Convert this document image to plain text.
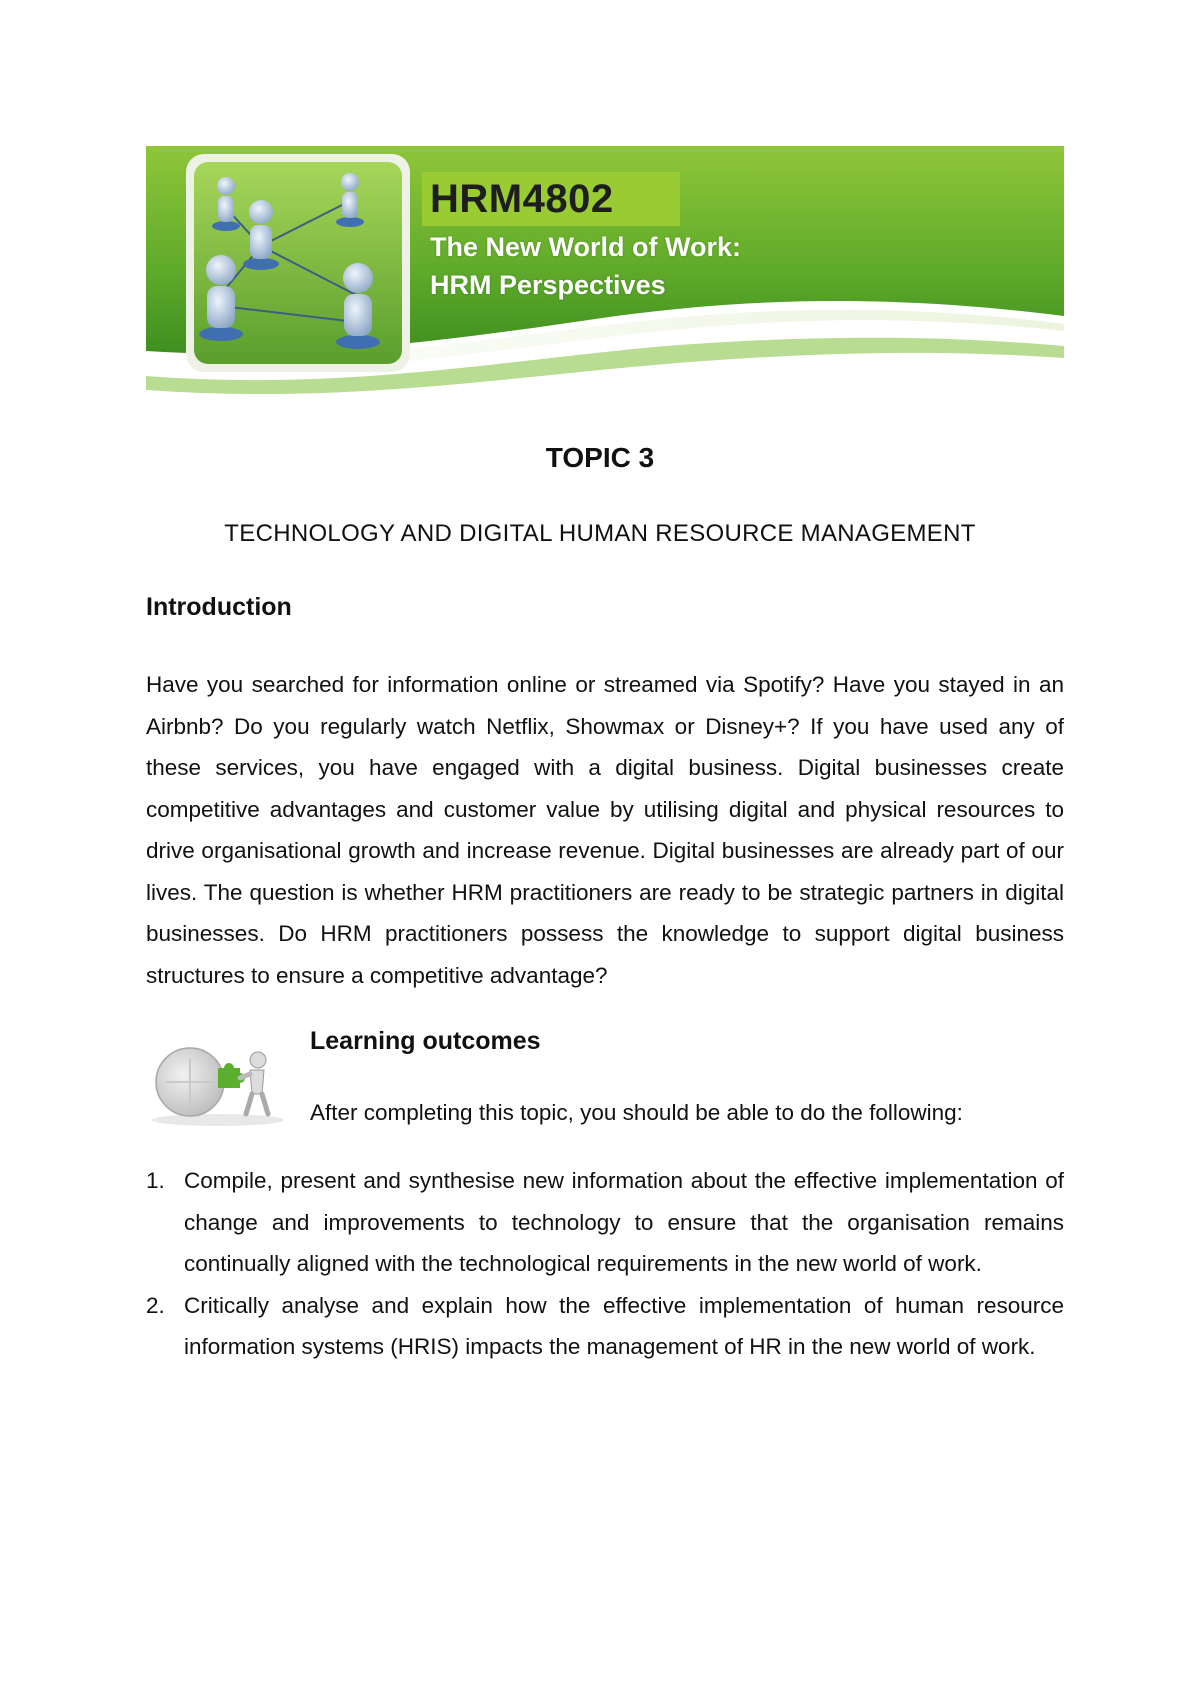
HRM4802
The New World of Work:
HRM Perspectives
TOPIC 3
TECHNOLOGY AND DIGITAL HUMAN RESOURCE MANAGEMENT
Introduction

Have you searched for information online or streamed via Spotify? Have you stayed in an Airbnb? Do you regularly watch Netflix, Showmax or Disney+? If you have used any of these services, you have engaged with a digital business. Digital businesses create competitive advantages and customer value by utilising digital and physical resources to drive organisational growth and increase revenue. Digital businesses are already part of our lives. The question is whether HRM practitioners are ready to be strategic partners in digital businesses. Do HRM practitioners possess the knowledge to support digital business structures to ensure a competitive advantage?

Learning outcomes
After completing this topic, you should be able to do the following:
1. Compile, present and synthesise new information about the effective implementation of change and improvements to technology to ensure that the organisation remains continually aligned with the technological requirements in the new world of work.
2. Critically analyse and explain how the effective implementation of human resource information systems (HRIS) impacts the management of HR in the new world of work.
